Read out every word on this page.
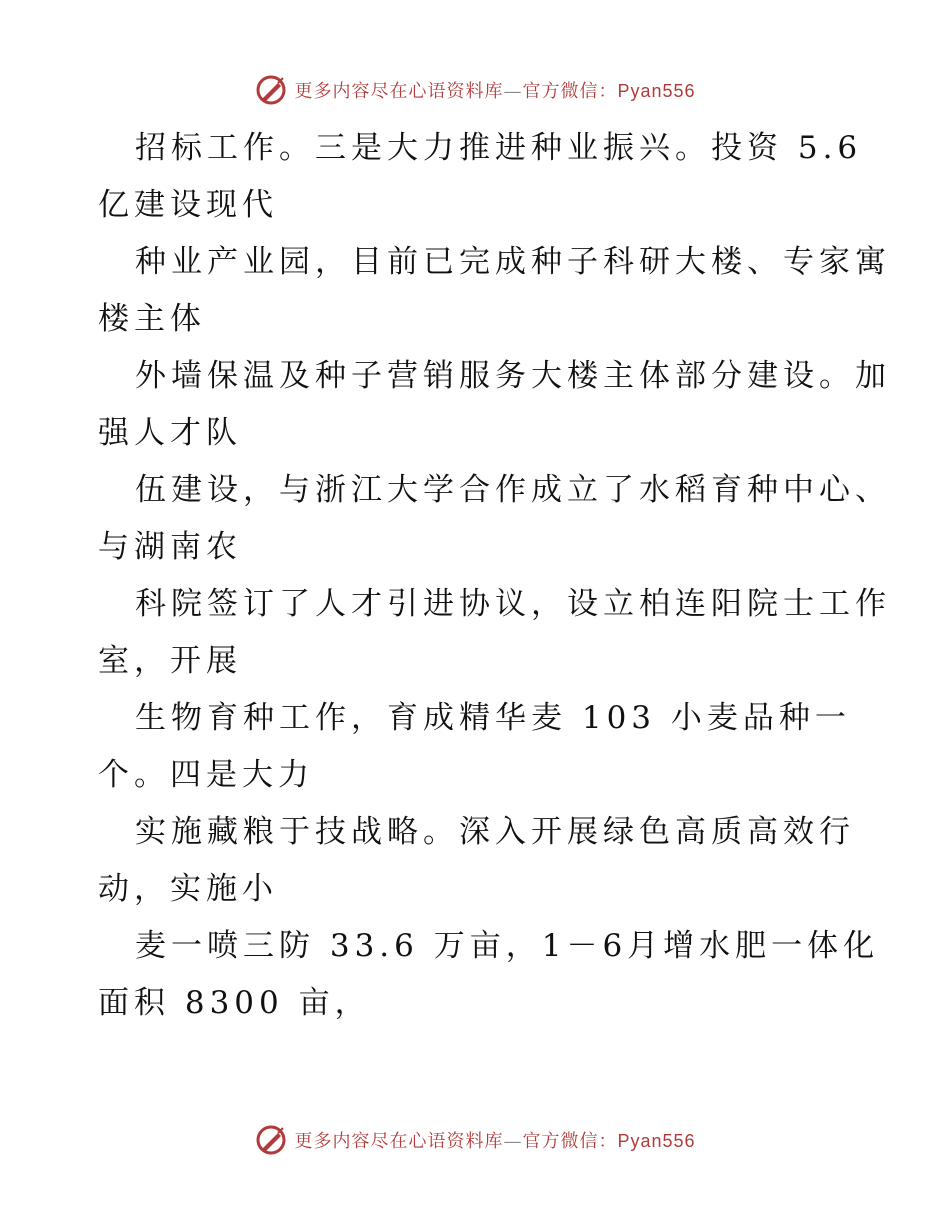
更多内容尽在心语资料库—官方微信：Pyan556
招标工作。三是大力推进种业振兴。投资 5.6
亿建设现代
种业产业园，目前已完成种子科研大楼、专家寓
楼主体
外墙保温及种子营销服务大楼主体部分建设。加
强人才队
伍建设，与浙江大学合作成立了水稻育种中心、
与湖南农
科院签订了人才引进协议，设立柏连阳院士工作
室，开展
生物育种工作，育成精华麦 103 小麦品种一
个。四是大力
实施藏粮于技战略。深入开展绿色高质高效行
动，实施小
麦一喷三防 33.6 万亩，1－6月增水肥一体化
面积 8300 亩，
更多内容尽在心语资料库—官方微信：Pyan556
